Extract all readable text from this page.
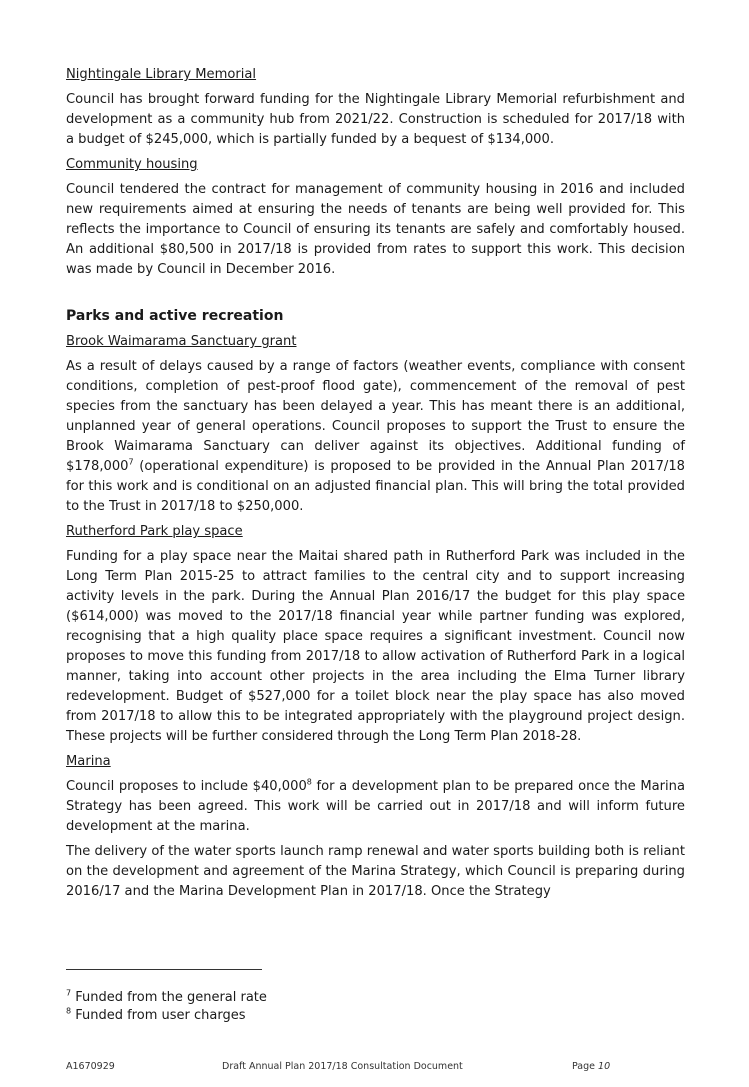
Nightingale Library Memorial

Council has brought forward funding for the Nightingale Library Memorial refurbishment and development as a community hub from 2021/22. Construction is scheduled for 2017/18 with a budget of $245,000, which is partially funded by a bequest of $134,000.

Community housing

Council tendered the contract for management of community housing in 2016 and included new requirements aimed at ensuring the needs of tenants are being well provided for. This reflects the importance to Council of ensuring its tenants are safely and comfortably housed. An additional $80,500 in 2017/18 is provided from rates to support this work. This decision was made by Council in December 2016.

Parks and active recreation
Brook Waimarama Sanctuary grant

As a result of delays caused by a range of factors (weather events, compliance with consent conditions, completion of pest-proof flood gate), commencement of the removal of pest species from the sanctuary has been delayed a year. This has meant there is an additional, unplanned year of general operations. Council proposes to support the Trust to ensure the Brook Waimarama Sanctuary can deliver against its objectives. Additional funding of $178,000$^7$ (operational expenditure) is proposed to be provided in the Annual Plan 2017/18 for this work and is conditional on an adjusted financial plan. This will bring the total provided to the Trust in 2017/18 to $250,000.

Rutherford Park play space

Funding for a play space near the Maitai shared path in Rutherford Park was included in the Long Term Plan 2015-25 to attract families to the central city and to support increasing activity levels in the park. During the Annual Plan 2016/17 the budget for this play space ($614,000) was moved to the 2017/18 financial year while partner funding was explored, recognising that a high quality place space requires a significant investment. Council now proposes to move this funding from 2017/18 to allow activation of Rutherford Park in a logical manner, taking into account other projects in the area including the Elma Turner library redevelopment. Budget of $527,000 for a toilet block near the play space has also moved from 2017/18 to allow this to be integrated appropriately with the playground project design. These projects will be further considered through the Long Term Plan 2018-28.

Marina

Council proposes to include $40,000$^8$ for a development plan to be prepared once the Marina Strategy has been agreed. This work will be carried out in 2017/18 and will inform future development at the marina.

The delivery of the water sports launch ramp renewal and water sports building both is reliant on the development and agreement of the Marina Strategy, which Council is preparing during 2016/17 and the Marina Development Plan in 2017/18. Once the Strategy

$^7$ Funded from the general rate
$^8$ Funded from user charges
A1670929	Draft Annual Plan 2017/18 Consultation Document	Page 10
